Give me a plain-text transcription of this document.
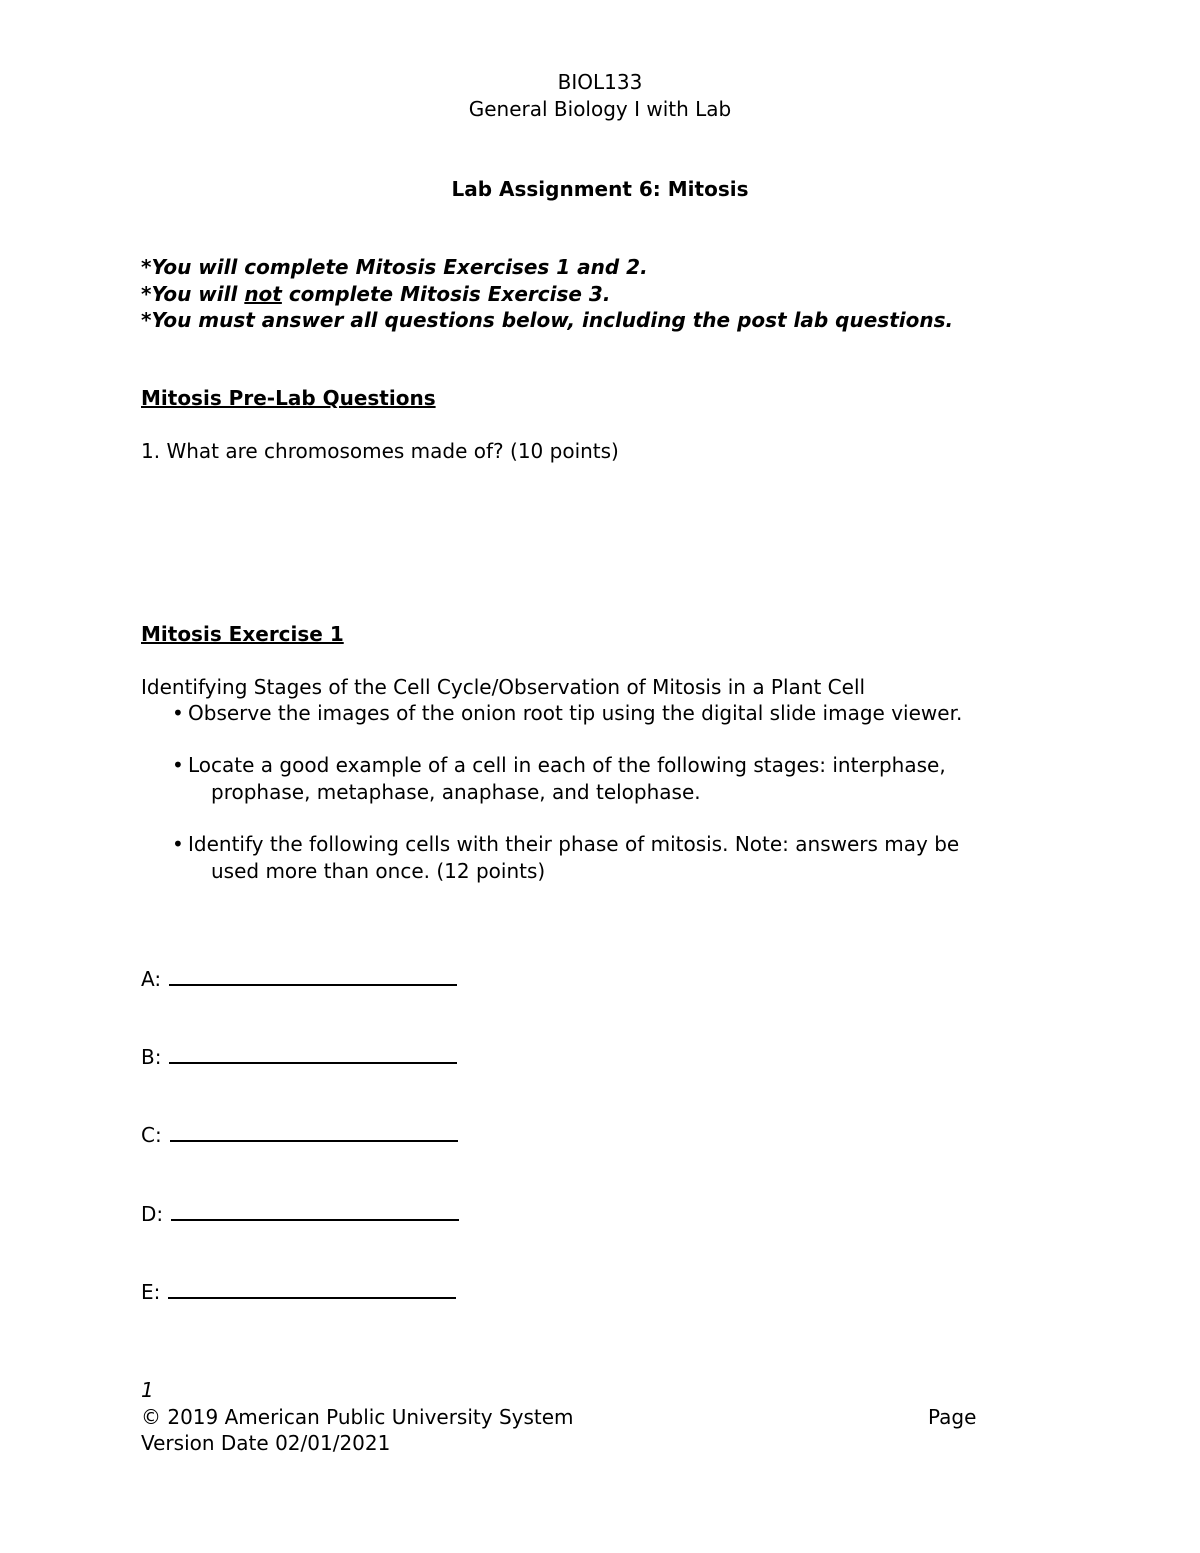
BIOL133
General Biology I with Lab
Lab Assignment 6: Mitosis
*You will complete Mitosis Exercises 1 and 2.
*You will not complete Mitosis Exercise 3.
*You must answer all questions below, including the post lab questions.
Mitosis Pre-Lab Questions
1. What are chromosomes made of? (10 points)
Mitosis Exercise 1
Identifying Stages of the Cell Cycle/Observation of Mitosis in a Plant Cell
• Observe the images of the onion root tip using the digital slide image viewer.
• Locate a good example of a cell in each of the following stages: interphase,
prophase, metaphase, anaphase, and telophase.
• Identify the following cells with their phase of mitosis. Note: answers may be
used more than once. (12 points)
A:
B:
C:
D:
E:
1
© 2019 American Public University System	Page
Version Date 02/01/2021
